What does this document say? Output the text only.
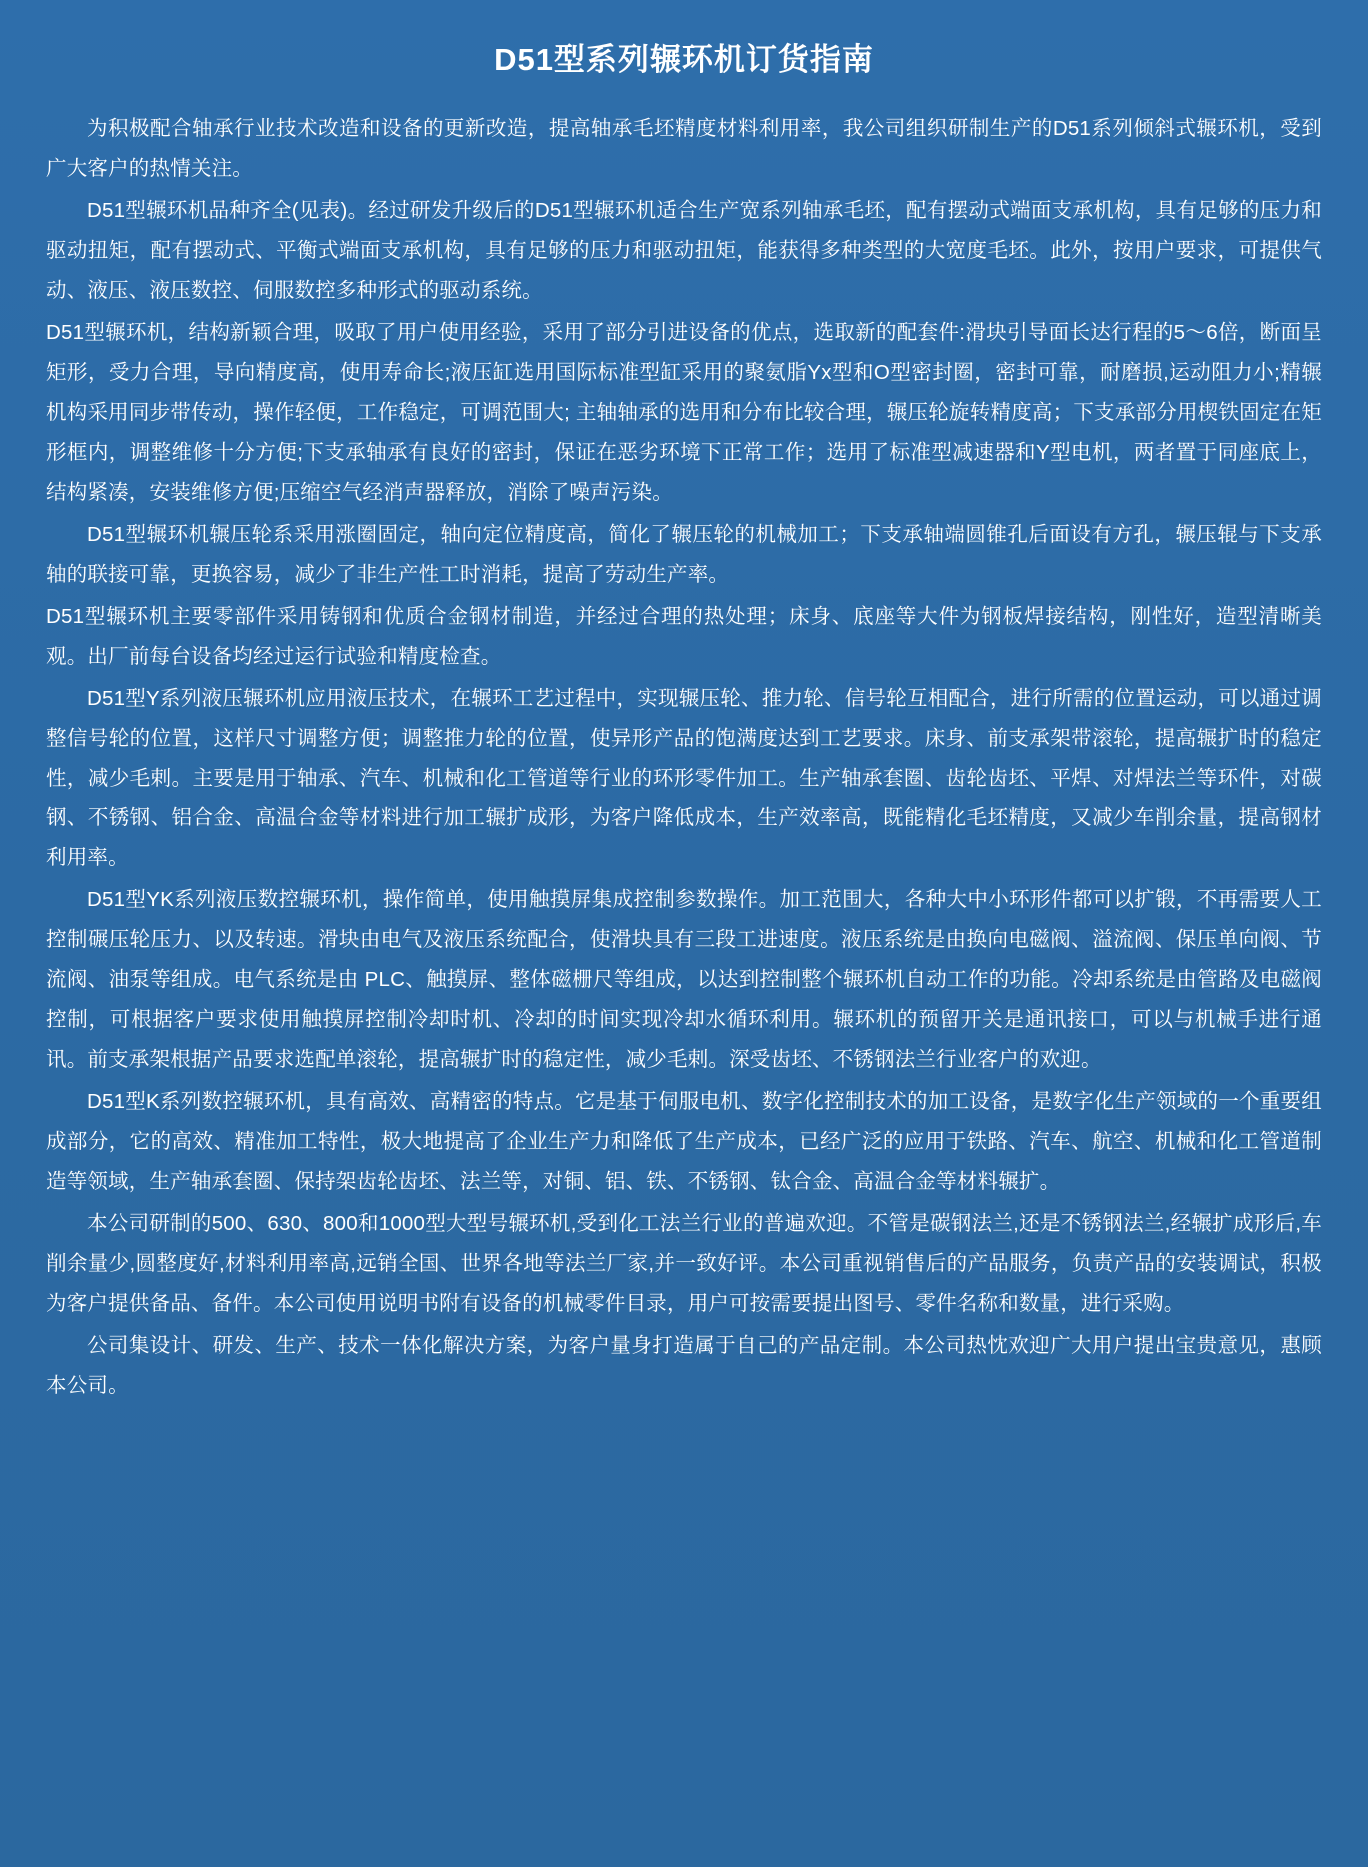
D51型系列辗环机订货指南

为积极配合轴承行业技术改造和设备的更新改造，提高轴承毛坯精度材料利用率，我公司组织研制生产的D51系列倾斜式辗环机，受到广大客户的热情关注。

D51型辗环机品种齐全(见表)。经过研发升级后的D51型辗环机适合生产宽系列轴承毛坯，配有摆动式端面支承机构，具有足够的压力和驱动扭矩，配有摆动式、平衡式端面支承机构，具有足够的压力和驱动扭矩，能获得多种类型的大宽度毛坯。此外，按用户要求，可提供气动、液压、液压数控、伺服数控多种形式的驱动系统。

D51型辗环机，结构新颖合理，吸取了用户使用经验，采用了部分引进设备的优点，选取新的配套件:滑块引导面长达行程的5～6倍，断面呈矩形，受力合理，导向精度高，使用寿命长;液压缸选用国际标准型缸采用的聚氨脂Yx型和O型密封圈，密封可靠，耐磨损,运动阻力小;精辗机构采用同步带传动，操作轻便，工作稳定，可调范围大; 主轴轴承的选用和分布比较合理，辗压轮旋转精度高；下支承部分用楔铁固定在矩形框内，调整维修十分方便;下支承轴承有良好的密封，保证在恶劣环境下正常工作；选用了标准型减速器和Y型电机，两者置于同座底上，结构紧凑，安装维修方便;压缩空气经消声器释放，消除了噪声污染。

D51型辗环机辗压轮系采用涨圈固定，轴向定位精度高，简化了辗压轮的机械加工；下支承轴端圆锥孔后面设有方孔，辗压辊与下支承轴的联接可靠，更换容易，减少了非生产性工时消耗，提高了劳动生产率。

D51型辗环机主要零部件采用铸钢和优质合金钢材制造，并经过合理的热处理；床身、底座等大件为钢板焊接结构，刚性好，造型清晰美观。出厂前每台设备均经过运行试验和精度检查。

D51型Y系列液压辗环机应用液压技术，在辗环工艺过程中，实现辗压轮、推力轮、信号轮互相配合，进行所需的位置运动，可以通过调整信号轮的位置，这样尺寸调整方便；调整推力轮的位置，使异形产品的饱满度达到工艺要求。床身、前支承架带滚轮，提高辗扩时的稳定性，减少毛剌。主要是用于轴承、汽车、机械和化工管道等行业的环形零件加工。生产轴承套圈、齿轮齿坯、平焊、对焊法兰等环件，对碳钢、不锈钢、铝合金、高温合金等材料进行加工辗扩成形，为客户降低成本，生产效率高，既能精化毛坯精度，又减少车削余量，提高钢材利用率。

D51型YK系列液压数控辗环机，操作简单，使用触摸屏集成控制参数操作。加工范围大，各种大中小环形件都可以扩锻，不再需要人工控制碾压轮压力、以及转速。滑块由电气及液压系统配合，使滑块具有三段工进速度。液压系统是由换向电磁阀、溢流阀、保压单向阀、节流阀、油泵等组成。电气系统是由 PLC、触摸屏、整体磁栅尺等组成，以达到控制整个辗环机自动工作的功能。冷却系统是由管路及电磁阀控制，可根据客户要求使用触摸屏控制冷却时机、冷却的时间实现冷却水循环利用。辗环机的预留开关是通讯接口，可以与机械手进行通讯。前支承架根据产品要求选配单滚轮，提高辗扩时的稳定性，减少毛剌。深受齿坯、不锈钢法兰行业客户的欢迎。

D51型K系列数控辗环机，具有高效、高精密的特点。它是基于伺服电机、数字化控制技术的加工设备，是数字化生产领域的一个重要组成部分，它的高效、精准加工特性，极大地提高了企业生产力和降低了生产成本，已经广泛的应用于铁路、汽车、航空、机械和化工管道制造等领域，生产轴承套圈、保持架齿轮齿坯、法兰等，对铜、铝、铁、不锈钢、钛合金、高温合金等材料辗扩。

本公司研制的500、630、800和1000型大型号辗环机,受到化工法兰行业的普遍欢迎。不管是碳钢法兰,还是不锈钢法兰,经辗扩成形后,车削余量少,圆整度好,材料利用率高,远销全国、世界各地等法兰厂家,并一致好评。本公司重视销售后的产品服务，负责产品的安装调试，积极为客户提供备品、备件。本公司使用说明书附有设备的机械零件目录，用户可按需要提出图号、零件名称和数量，进行采购。

公司集设计、研发、生产、技术一体化解决方案，为客户量身打造属于自己的产品定制。本公司热忱欢迎广大用户提出宝贵意见，惠顾本公司。
